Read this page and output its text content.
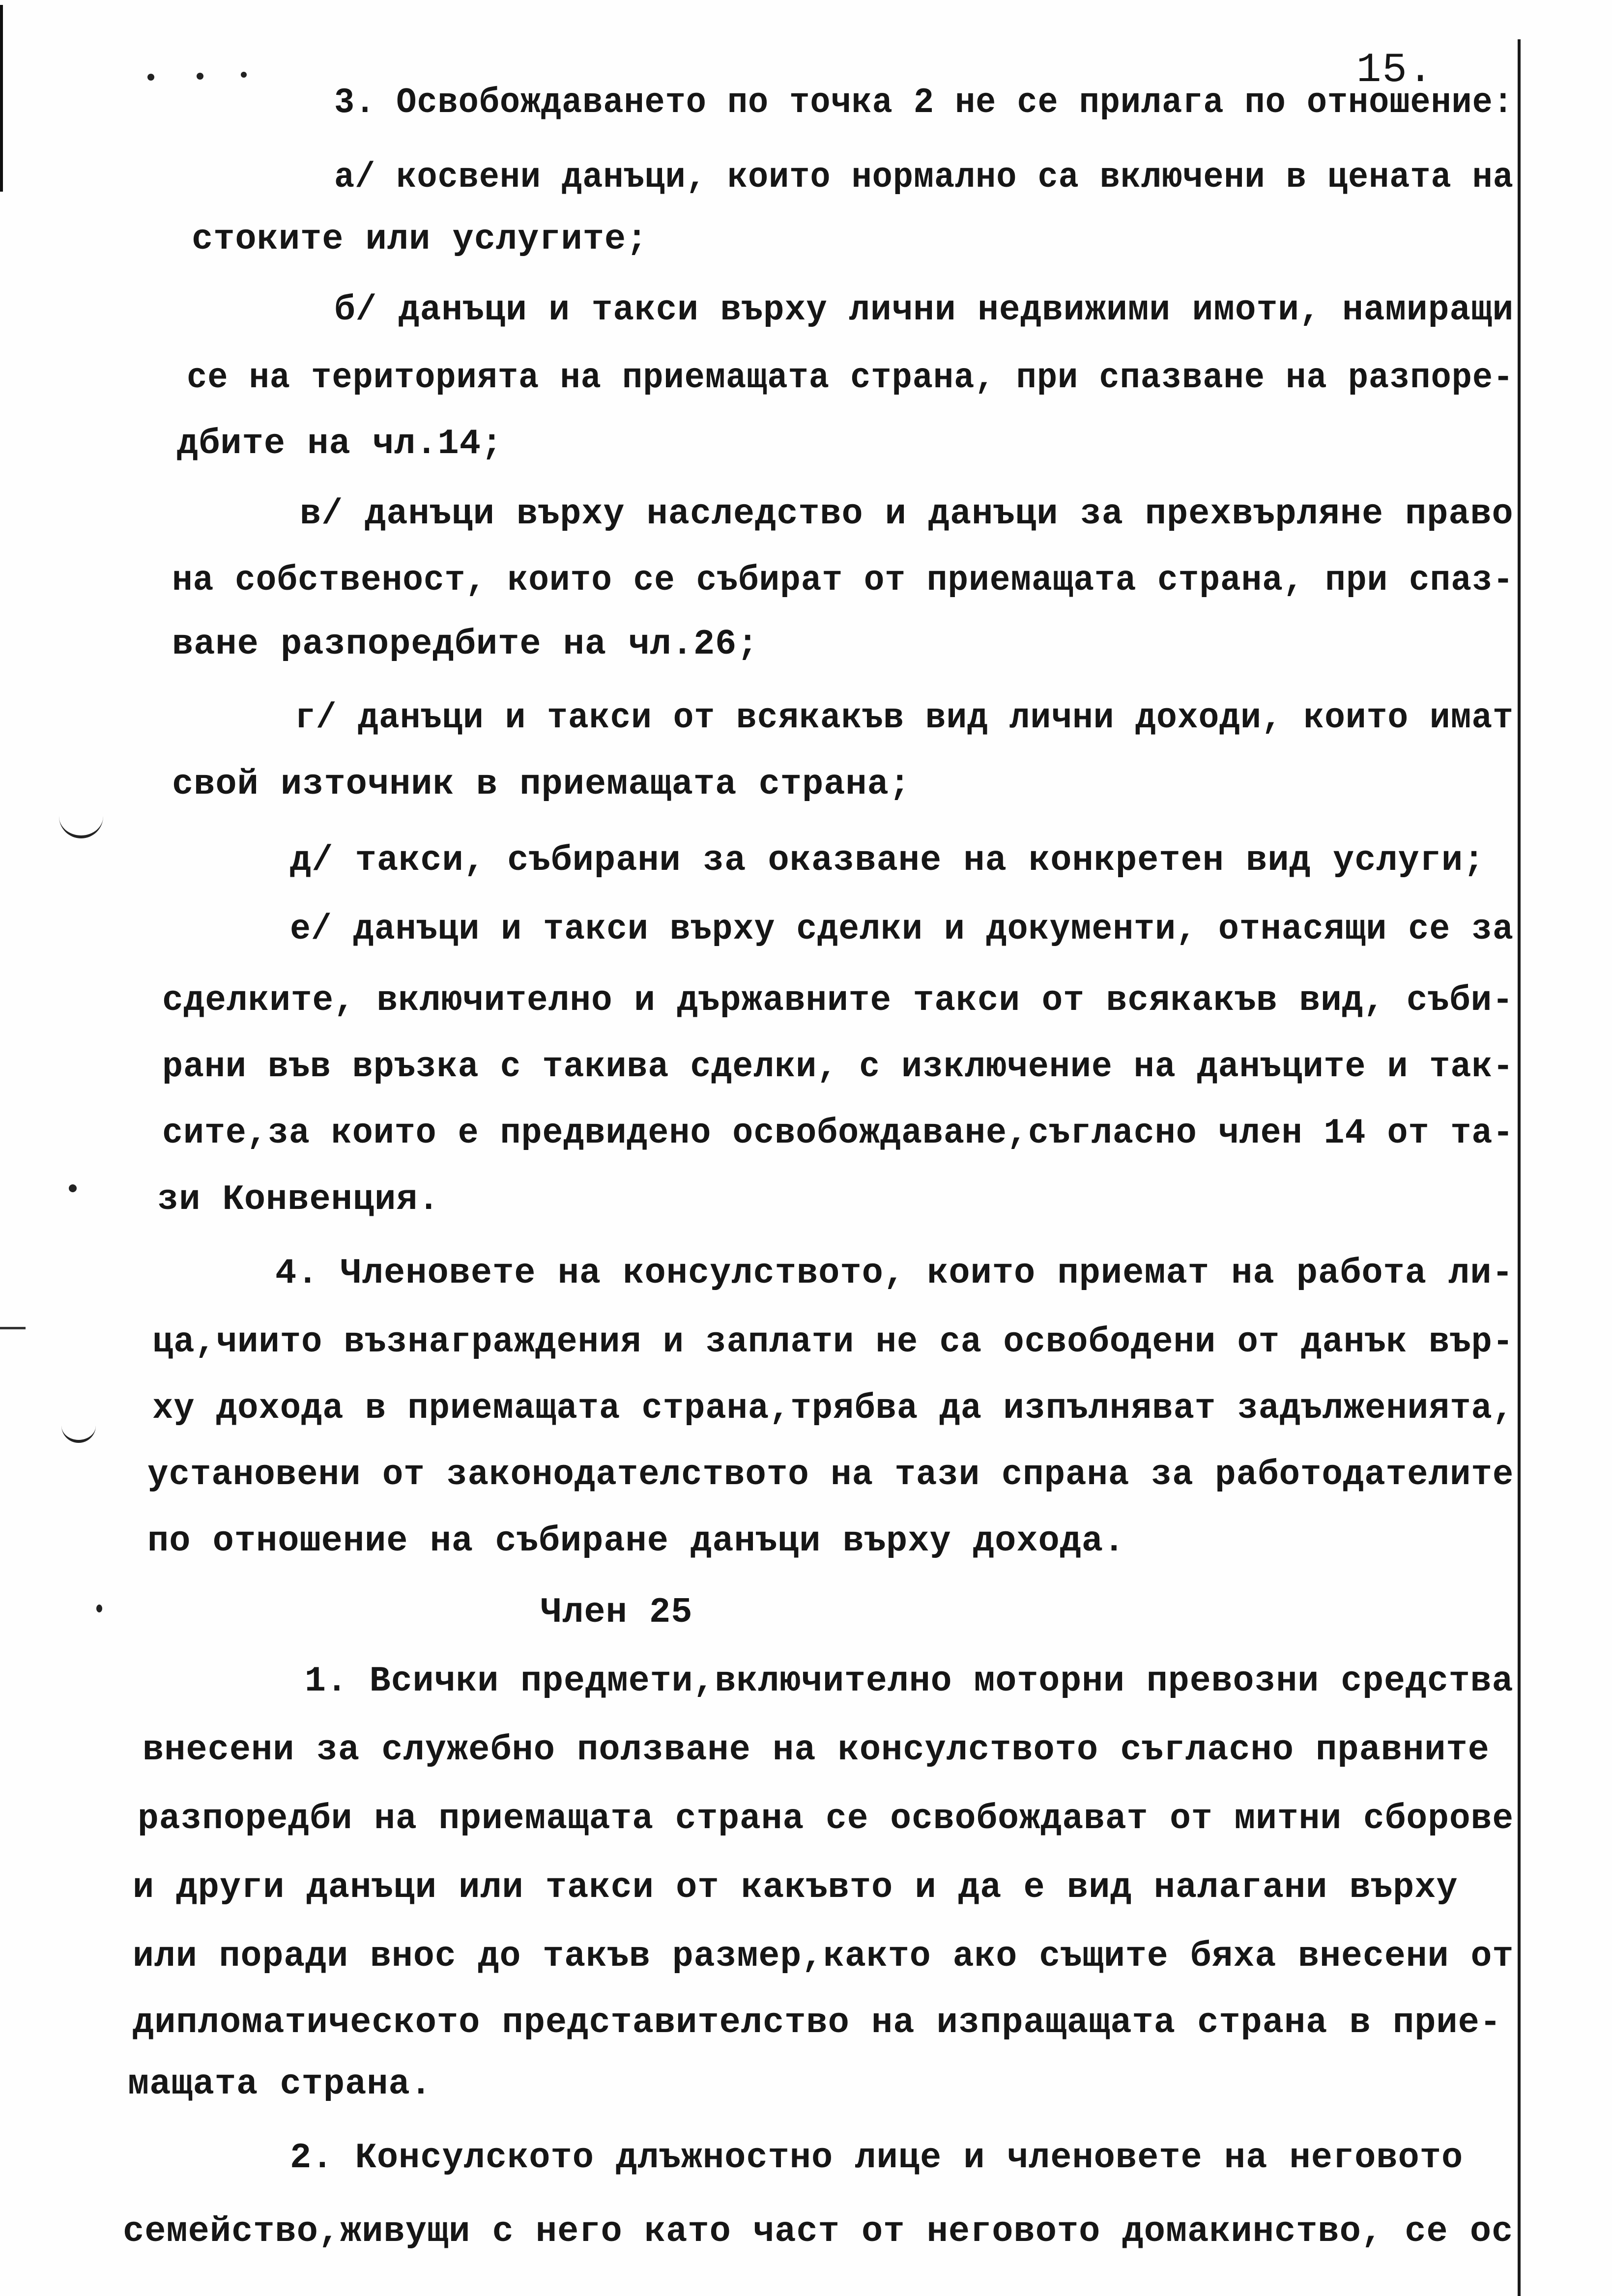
15.
3. Освобождаването по точка 2 не се прилага по отношение:
а/ косвени данъци, които нормално са включени в цената на
стоките или услугите;
б/ данъци и такси върху лични недвижими имоти, намиращи
се на територията на приемащата страна, при спазване на разпоре-
дбите на чл.14;
в/ данъци върху наследство и данъци за прехвърляне право
на собственост, които се събират от приемащата страна, при спаз-
ване разпоредбите на чл.26;
г/ данъци и такси от всякакъв вид лични доходи, които имат
свой източник в приемащата страна;
д/ такси, събирани за оказване на конкретен вид услуги;
е/ данъци и такси върху сделки и документи, отнасящи се за
сделките, включително и държавните такси от всякакъв вид, съби-
рани във връзка с такива сделки, с изключение на данъците и так-
сите,за които е предвидено освобождаване,съгласно член 14 от та-
зи Конвенция.
4. Членовете на консулството, които приемат на работа ли-
ца,чиито възнаграждения и заплати не са освободени от данък вър-
ху дохода в приемащата страна,трябва да изпълняват задълженията,
установени от законодателството на тази спрана за работодателите
по отношение на събиране данъци върху дохода.
Член 25
1. Всички предмети,включително моторни превозни средства
внесени за служебно ползване на консулството съгласно правните
разпоредби на приемащата страна се освобождават от митни сборове
и други данъци или такси от какъвто и да е вид налагани върху
или поради внос до такъв размер,както ако същите бяха внесени от
дипломатическото представителство на изпращащата страна в прие-
мащата страна.
2. Консулското длъжностно лице и членовете на неговото
семейство,живущи с него като част от неговото домакинство, се ос
